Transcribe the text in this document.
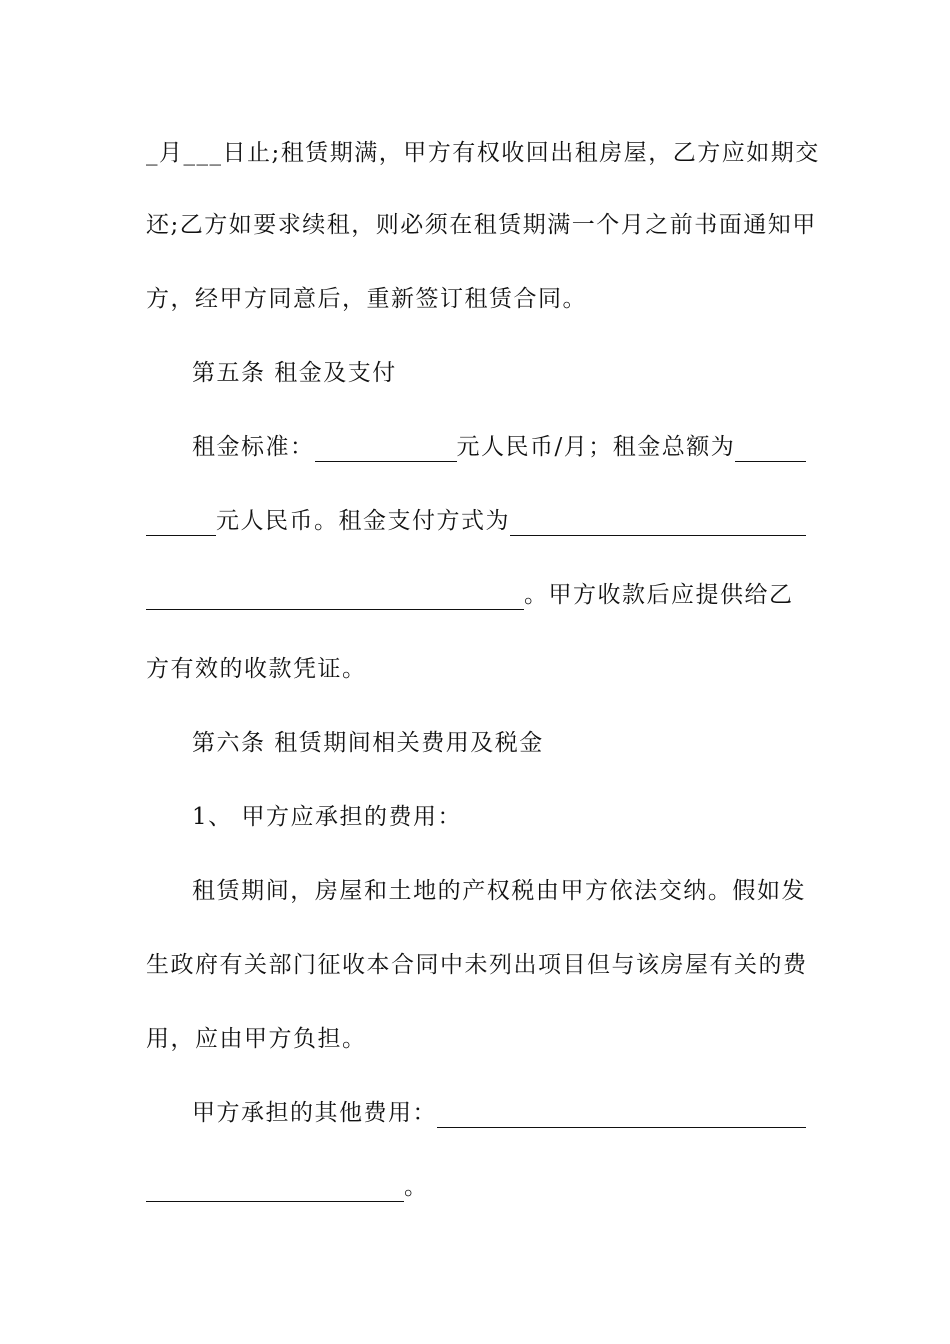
_月___日止;租赁期满，甲方有权收回出租房屋，乙方应如期交
还;乙方如要求续租，则必须在租赁期满一个月之前书面通知甲
方，经甲方同意后，重新签订租赁合同。
第五条 租金及支付
租金标准：	元人民币/月；租金总额为
元人民币。租金支付方式为
。甲方收款后应提供给乙
方有效的收款凭证。
第六条 租赁期间相关费用及税金
1、 甲方应承担的费用：
租赁期间，房屋和土地的产权税由甲方依法交纳。假如发
生政府有关部门征收本合同中未列出项目但与该房屋有关的费
用，应由甲方负担。
甲方承担的其他费用：
。
